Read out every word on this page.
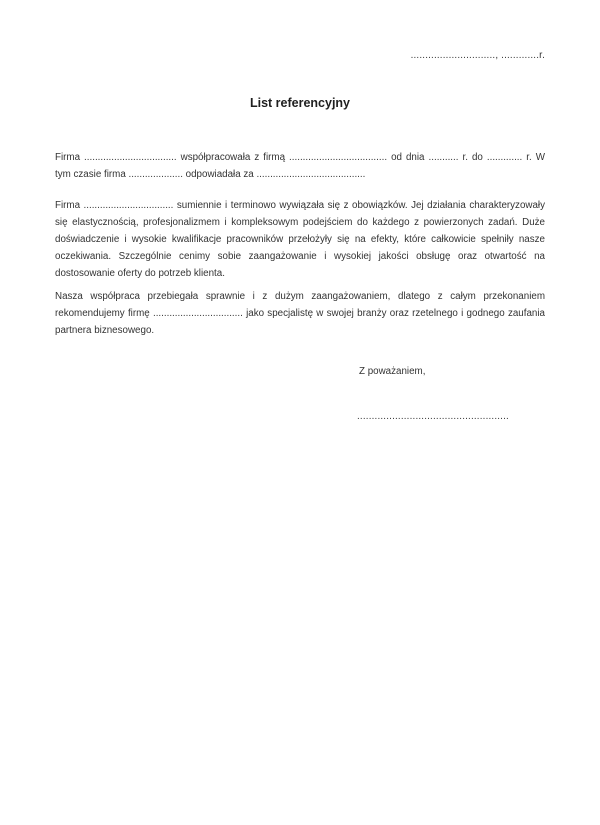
............................., .............r.
List referencyjny

Firma .................................. współpracowała z firmą .................................... od dnia ........... r. do ............. r. W tym czasie firma .................... odpowiadała za ........................................

Firma ................................. sumiennie i terminowo wywiązała się z obowiązków. Jej działania charakteryzowały się elastycznością, profesjonalizmem i kompleksowym podejściem do każdego z powierzonych zadań. Duże doświadczenie i wysokie kwalifikacje pracowników przełożyły się na efekty, które całkowicie spełniły nasze oczekiwania. Szczególnie cenimy sobie zaangażowanie i wysokiej jakości obsługę oraz otwartość na dostosowanie oferty do potrzeb klienta.

Nasza współpraca przebiegała sprawnie i z dużym zaangażowaniem, dlatego z całym przekonaniem rekomendujemy firmę ................................. jako specjalistę w swojej branży oraz rzetelnego i godnego zaufania partnera biznesowego.

Z poważaniem,
....................................................
